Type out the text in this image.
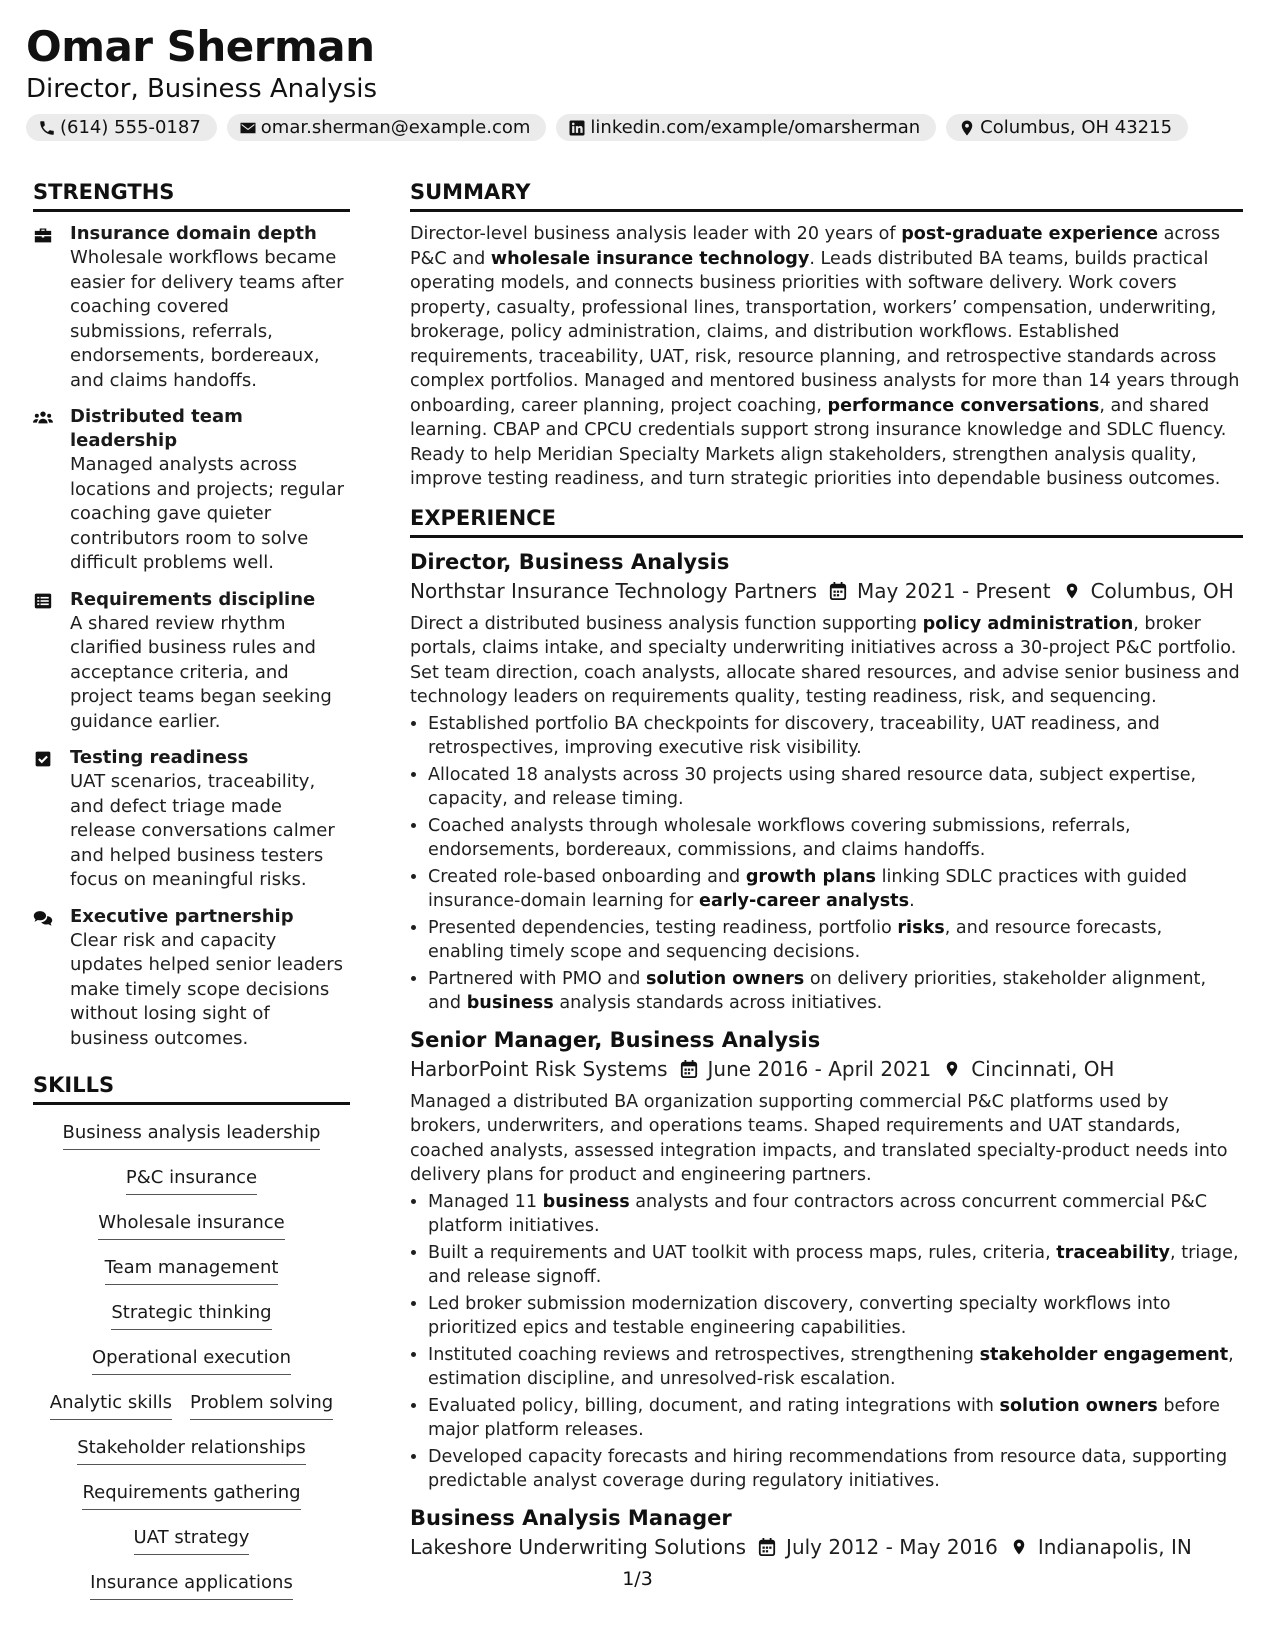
Omar Sherman
Director, Business Analysis
(614) 555-0187	omar.sherman@example.com	linkedin.com/example/omarsherman	Columbus, OH 43215
STRENGTHS
Insurance domain depth
Wholesale workflows became easier for delivery teams after coaching covered submissions, referrals, endorsements, bordereaux, and claims handoffs.
Distributed team leadership
Managed analysts across locations and projects; regular coaching gave quieter contributors room to solve difficult problems well.
Requirements discipline
A shared review rhythm clarified business rules and acceptance criteria, and project teams began seeking guidance earlier.
Testing readiness
UAT scenarios, traceability, and defect triage made release conversations calmer and helped business testers focus on meaningful risks.
Executive partnership
Clear risk and capacity updates helped senior leaders make timely scope decisions without losing sight of business outcomes.
SKILLS
Business analysis leadership
P&C insurance
Wholesale insurance
Team management
Strategic thinking
Operational execution
Analytic skills Problem solving
Stakeholder relationships
Requirements gathering
UAT strategy
Insurance applications
SUMMARY
Director-level business analysis leader with 20 years of post-graduate experience across P&C and wholesale insurance technology. Leads distributed BA teams, builds practical operating models, and connects business priorities with software delivery. Work covers property, casualty, professional lines, transportation, workers’ compensation, underwriting, brokerage, policy administration, claims, and distribution workflows. Established requirements, traceability, UAT, risk, resource planning, and retrospective standards across complex portfolios. Managed and mentored business analysts for more than 14 years through onboarding, career planning, project coaching, performance conversations, and shared learning. CBAP and CPCU credentials support strong insurance knowledge and SDLC fluency. Ready to help Meridian Specialty Markets align stakeholders, strengthen analysis quality, improve testing readiness, and turn strategic priorities into dependable business outcomes.
EXPERIENCE
Director, Business Analysis
Northstar Insurance Technology Partners May 2021 - Present Columbus, OH
Direct a distributed business analysis function supporting policy administration, broker portals, claims intake, and specialty underwriting initiatives across a 30-project P&C portfolio. Set team direction, coach analysts, allocate shared resources, and advise senior business and technology leaders on requirements quality, testing readiness, risk, and sequencing.
• Established portfolio BA checkpoints for discovery, traceability, UAT readiness, and retrospectives, improving executive risk visibility.
• Allocated 18 analysts across 30 projects using shared resource data, subject expertise, capacity, and release timing.
• Coached analysts through wholesale workflows covering submissions, referrals, endorsements, bordereaux, commissions, and claims handoffs.
• Created role-based onboarding and growth plans linking SDLC practices with guided insurance-domain learning for early-career analysts.
• Presented dependencies, testing readiness, portfolio risks, and resource forecasts, enabling timely scope and sequencing decisions.
• Partnered with PMO and solution owners on delivery priorities, stakeholder alignment, and business analysis standards across initiatives.
Senior Manager, Business Analysis
HarborPoint Risk Systems June 2016 - April 2021 Cincinnati, OH
Managed a distributed BA organization supporting commercial P&C platforms used by brokers, underwriters, and operations teams. Shaped requirements and UAT standards, coached analysts, assessed integration impacts, and translated specialty-product needs into delivery plans for product and engineering partners.
• Managed 11 business analysts and four contractors across concurrent commercial P&C platform initiatives.
• Built a requirements and UAT toolkit with process maps, rules, criteria, traceability, triage, and release signoff.
• Led broker submission modernization discovery, converting specialty workflows into prioritized epics and testable engineering capabilities.
• Instituted coaching reviews and retrospectives, strengthening stakeholder engagement, estimation discipline, and unresolved-risk escalation.
• Evaluated policy, billing, document, and rating integrations with solution owners before major platform releases.
• Developed capacity forecasts and hiring recommendations from resource data, supporting predictable analyst coverage during regulatory initiatives.
Business Analysis Manager
Lakeshore Underwriting Solutions July 2012 - May 2016 Indianapolis, IN
1/3
